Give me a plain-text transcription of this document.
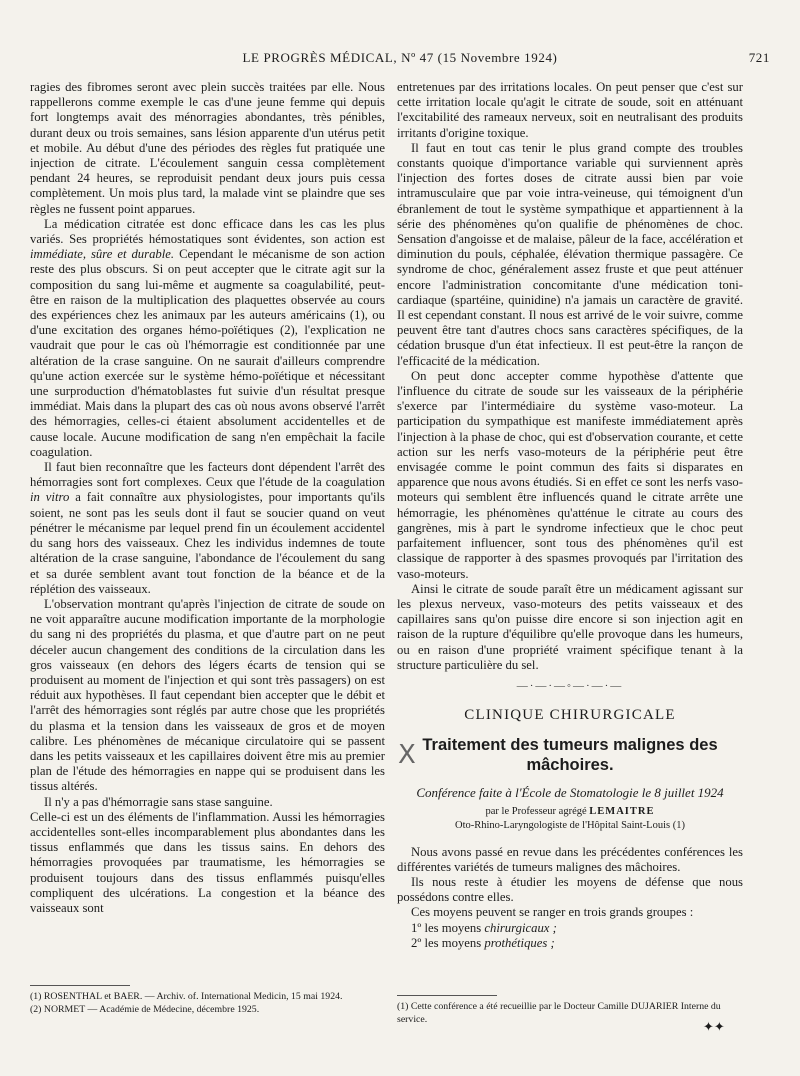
LE PROGRÈS MÉDICAL, Nº 47 (15 Novembre 1924)	721

ragies des fibromes seront avec plein succès traitées par elle. Nous rappellerons comme exemple le cas d'une jeune femme qui depuis fort longtemps avait des ménorragies abondantes, très pénibles, durant deux ou trois semaines, sans lésion apparente d'un utérus petit et mobile. Au début d'une des périodes des règles fut pratiquée une injection de citrate. L'écoulement sanguin cessa complètement pendant 24 heures, se reproduisit pendant deux jours puis cessa complètement. Un mois plus tard, la malade vint se plaindre que ses règles ne fussent point apparues.

La médication citratée est donc efficace dans les cas les plus variés. Ses propriétés hémostatiques sont évidentes, son action est immédiate, sûre et durable. Cependant le mécanisme de son action reste des plus obscurs. Si on peut accepter que le citrate agit sur la composition du sang lui-même et augmente sa coagulabilité, peut-être en raison de la multiplication des plaquettes observée au cours des expériences chez les animaux par les auteurs américains (1), ou d'une excitation des organes hémo-poïétiques (2), l'explication ne vaudrait que pour le cas où l'hémorragie est conditionnée par une altération de la crase sanguine. On ne saurait d'ailleurs comprendre qu'une action exercée sur le système hémo-poïétique et nécessitant une surproduction d'hématoblastes fut suivie d'un résultat presque immédiat. Mais dans la plupart des cas où nous avons observé l'arrêt des hémorragies, celles-ci étaient absolument accidentelles et de cause locale. Aucune modification de sang n'en empêchait la facile coagulation.

Il faut bien reconnaître que les facteurs dont dépendent l'arrêt des hémorragies sont fort complexes. Ceux que l'étude de la coagulation in vitro a fait connaître aux physiologistes, pour importants qu'ils soient, ne sont pas les seuls dont il faut se soucier quand on veut pénétrer le mécanisme par lequel prend fin un écoulement accidentel du sang hors des vaisseaux. Chez les individus indemnes de toute altération de la crase sanguine, l'abondance de l'écoulement du sang et sa durée semblent avant tout fonction de la béance et de la réplétion des vaisseaux.

L'observation montrant qu'après l'injection de citrate de soude on ne voit apparaître aucune modification importante de la morphologie du sang ni des propriétés du plasma, et que d'autre part on ne peut déceler aucun changement des conditions de la circulation dans les gros vaisseaux (en dehors des légers écarts de tension qui se produisent au moment de l'injection et qui sont très passagers) on est réduit aux hypothèses. Il faut cependant bien accepter que le débit et l'arrêt des hémorragies sont réglés par autre chose que les propriétés du plasma et la tension dans les vaisseaux de gros et de moyen calibre. Les phénomènes de mécanique circulatoire qui se passent dans les petits vaisseaux et les capillaires doivent être mis au premier plan de l'étude des hémorragies en nappe qui se produisent dans les tissus altérés.

Il n'y a pas d'hémorragie sans stase sanguine.

Celle-ci est un des éléments de l'inflammation. Aussi les hémorragies accidentelles sont-elles incomparablement plus abondantes dans les tissus enflammés que dans les tissus sains. En dehors des hémorragies provoquées par traumatisme, les hémorragies se produisent toujours dans des tissus enflammés puisqu'elles compliquent des ulcérations. La congestion et la béance des vaisseaux sont

entretenues par des irritations locales. On peut penser que c'est sur cette irritation locale qu'agit le citrate de soude, soit en atténuant l'excitabilité des rameaux nerveux, soit en neutralisant des produits irritants d'origine toxique.

Il faut en tout cas tenir le plus grand compte des troubles constants quoique d'importance variable qui surviennent après l'injection des fortes doses de citrate aussi bien par voie intramusculaire que par voie intra-veineuse, qui témoignent d'un ébranlement de tout le système sympathique et appartiennent à la série des phénomènes qu'on qualifie de phénomènes de choc. Sensation d'angoisse et de malaise, pâleur de la face, accélération et diminution du pouls, céphalée, élévation thermique passagère. Ce syndrome de choc, généralement assez fruste et que peut atténuer encore l'administration concomitante d'une médication toni-cardiaque (spartéine, quinidine) n'a jamais un caractère de gravité. Il est cependant constant. Il nous est arrivé de le voir suivre, comme peuvent être tant d'autres chocs sans caractères spécifiques, de la cédation brusque d'un état infectieux. Il est peut-être la rançon de l'efficacité de la médication.

On peut donc accepter comme hypothèse d'attente que l'influence du citrate de soude sur les vaisseaux de la périphérie s'exerce par l'intermédiaire du système vaso-moteur. La participation du sympathique est manifeste immédiatement après l'injection à la phase de choc, qui est d'observation courante, et cette action sur les nerfs vaso-moteurs de la périphérie peut être envisagée comme le point commun des faits si disparates en apparence que nous avons étudiés. Si en effet ce sont les nerfs vaso-moteurs qui semblent être influencés quand le citrate arrête une hémorragie, les phénomènes qu'atténue le citrate au cours des gangrènes, mis à part le syndrome infectieux que le choc peut parfaitement influencer, sont tous des phénomènes qu'il est classique de rapporter à des spasmes provoqués par l'irritation des vaso-moteurs.

Ainsi le citrate de soude paraît être un médicament agissant sur les plexus nerveux, vaso-moteurs des petits vaisseaux et des capillaires sans qu'on puisse dire encore si son injection agit en raison de la rupture d'équilibre qu'elle provoque dans les humeurs, ou en raison d'une propriété vraiment spécifique tenant à la structure particulière du sel.

—·—·—◦—·—·—
CLINIQUE CHIRURGICALE
Traitement des tumeurs malignes des mâchoires.
Conférence faite à l'École de Stomatologie le 8 juillet 1924
par le Professeur agrégé LEMAITRE
Oto-Rhino-Laryngologiste de l'Hôpital Saint-Louis (1)

Nous avons passé en revue dans les précédentes conférences les différentes variétés de tumeurs malignes des mâchoires.

Ils nous reste à étudier les moyens de défense que nous possédons contre elles.

Ces moyens peuvent se ranger en trois grands groupes :

1º les moyens chirurgicaux ;

2º les moyens prothétiques ;

X

(1) ROSENTHAL et BAER. — Archiv. of. International Medicin, 15 mai 1924.

(2) NORMET — Académie de Médecine, décembre 1925.	(1) Cette conférence a été recueillie par le Docteur Camille DUJARIER Interne du service.	✦✦
